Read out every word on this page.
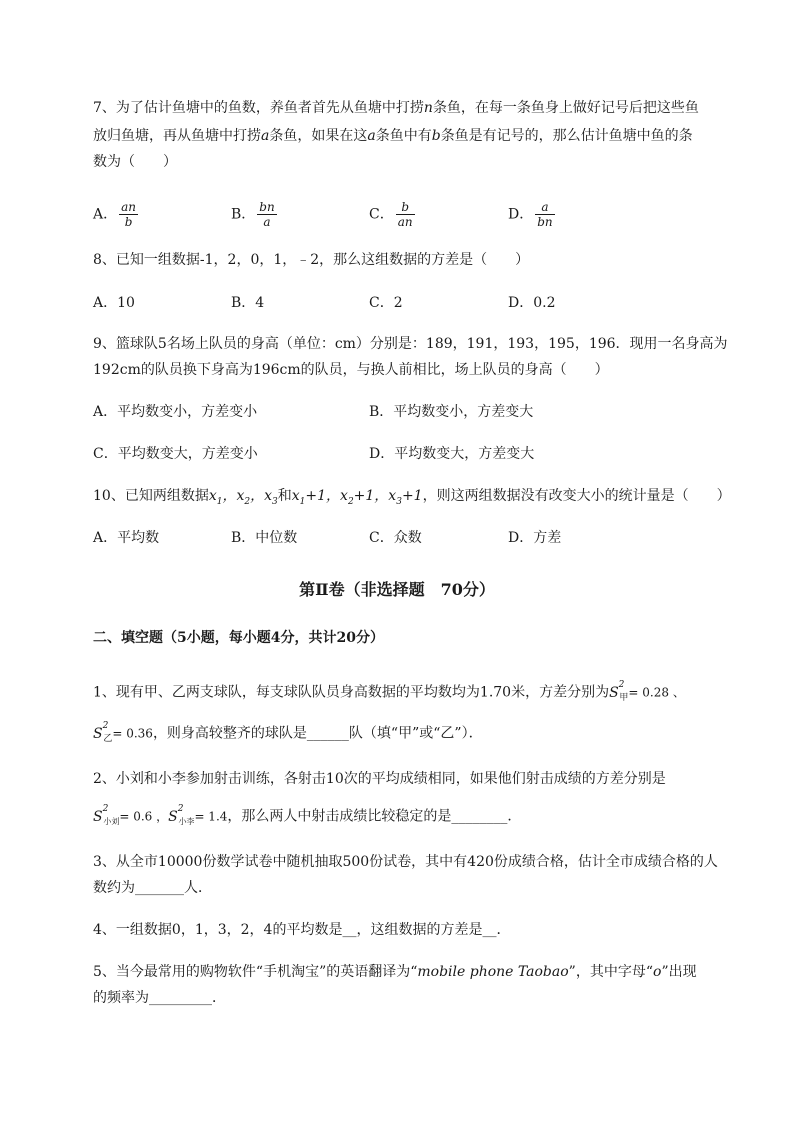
7、为了估计鱼塘中的鱼数，养鱼者首先从鱼塘中打捞n条鱼，在每一条鱼身上做好记号后把这些鱼
放归鱼塘，再从鱼塘中打捞a条鱼，如果在这a条鱼中有b条鱼是有记号的，那么估计鱼塘中鱼的条
数为（　　）
A． $\frac{an}{b}$	B． $\frac{bn}{a}$	C． $\frac{b}{an}$	D． $\frac{a}{bn}$
8、已知一组数据-1，2，0，1，﹣2，那么这组数据的方差是（　　）
A．10	B．4	C．2	D．0.2
9、篮球队5名场上队员的身高（单位：cm）分别是：189，191，193，195，196．现用一名身高为
192cm的队员换下身高为196cm的队员，与换人前相比，场上队员的身高（　　）
A．平均数变小，方差变小	B．平均数变小，方差变大
C．平均数变大，方差变小	D．平均数变大，方差变大
10、已知两组数据$x_1$，$x_2$，$x_3$和$x_1+1$，$x_2+1$，$x_3+1$，则这两组数据没有改变大小的统计量是（　　）
A．平均数	B．中位数	C．众数	D．方差
第Ⅱ卷（非选择题　70分）
二、填空题（5小题，每小题4分，共计20分）
1、现有甲、乙两支球队，每支球队队员身高数据的平均数均为1.70米，方差分别为$S^2_甲= 0.28$ 、
$S^2_乙= 0.36$，则身高较整齐的球队是______队（填“甲”或“乙”）．
2、小刘和小李参加射击训练，各射击10次的平均成绩相同，如果他们射击成绩的方差分别是
$S^2_{小刘}= 0.6$ ，$S^2_{小李}= 1.4$，那么两人中射击成绩比较稳定的是________．
3、从全市10000份数学试卷中随机抽取500份试卷，其中有420份成绩合格，估计全市成绩合格的人
数约为_______人．
4、一组数据0，1，3，2，4的平均数是__，这组数据的方差是__．
5、当今最常用的购物软件“手机淘宝”的英语翻译为“mobile phone Taobao”，其中字母“o”出现
的频率为_________．
